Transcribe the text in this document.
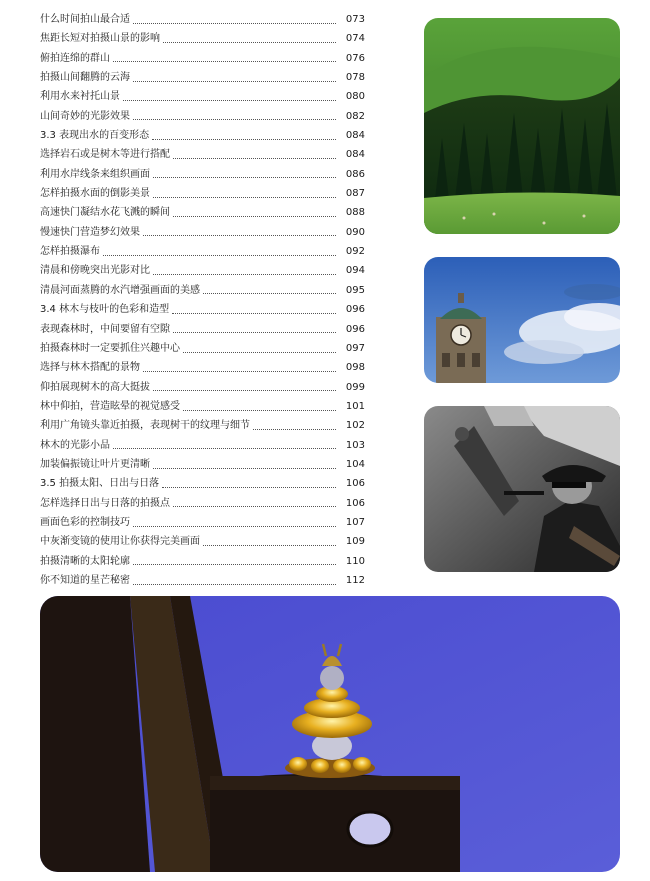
什么时间拍山最合适	073
焦距长短对拍摄山景的影响	074
俯拍连绵的群山	076
拍摄山间翻腾的云海	078
利用水来衬托山景	080
山间奇妙的光影效果	082
3.3 表现出水的百变形态	084
选择岩石或是树木等进行搭配	084
利用水岸线条来组织画面	086
怎样拍摄水面的倒影美景	087
高速快门凝结水花飞溅的瞬间	088
慢速快门营造梦幻效果	090
怎样拍摄瀑布	092
清晨和傍晚突出光影对比	094
清晨河面蒸腾的水汽增强画面的美感	095
3.4 林木与枝叶的色彩和造型	096
表现森林时，中间要留有空隙	096
拍摄森林时一定要抓住兴趣中心	097
选择与林木搭配的景物	098
仰拍展现树木的高大挺拔	099
林中仰拍，营造眩晕的视觉感受	101
利用广角镜头靠近拍摄，表现树干的纹理与细节	102
林木的光影小品	103
加装偏振镜让叶片更清晰	104
3.5 拍摄太阳、日出与日落	106
怎样选择日出与日落的拍摄点	106
画面色彩的控制技巧	107
中灰渐变镜的使用让你获得完美画面	109
拍摄清晰的太阳轮廓	110
你不知道的星芒秘密	112
